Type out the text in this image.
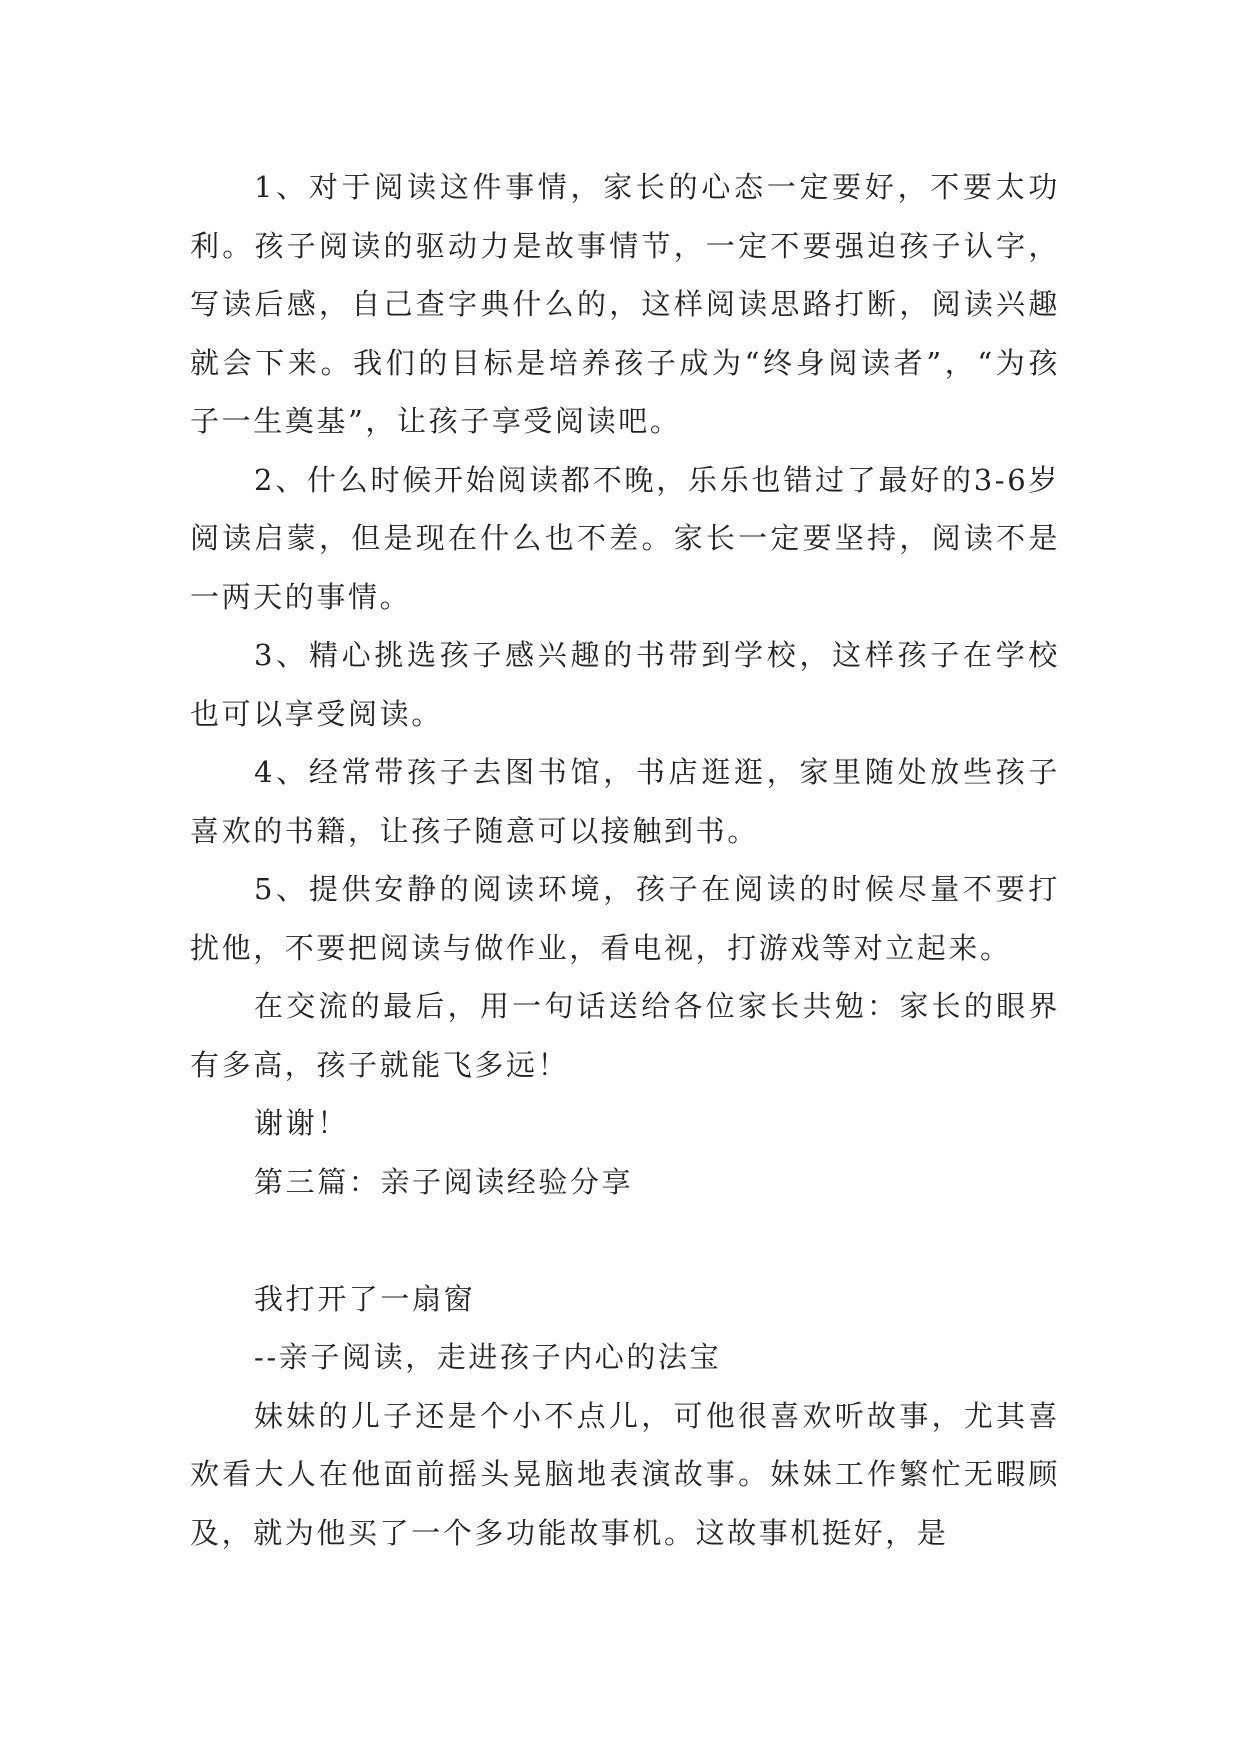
1、对于阅读这件事情，家长的心态一定要好，不要太功利。孩子阅读的驱动力是故事情节，一定不要强迫孩子认字，写读后感，自己查字典什么的，这样阅读思路打断，阅读兴趣就会下来。我们的目标是培养孩子成为“终身阅读者”，“为孩子一生奠基”，让孩子享受阅读吧。

2、什么时候开始阅读都不晚，乐乐也错过了最好的3-6岁阅读启蒙，但是现在什么也不差。家长一定要坚持，阅读不是一两天的事情。

3、精心挑选孩子感兴趣的书带到学校，这样孩子在学校也可以享受阅读。

4、经常带孩子去图书馆，书店逛逛，家里随处放些孩子喜欢的书籍，让孩子随意可以接触到书。

5、提供安静的阅读环境，孩子在阅读的时候尽量不要打扰他，不要把阅读与做作业，看电视，打游戏等对立起来。

在交流的最后，用一句话送给各位家长共勉：家长的眼界有多高，孩子就能飞多远！

谢谢！

第三篇：亲子阅读经验分享

我打开了一扇窗

--亲子阅读，走进孩子内心的法宝

妹妹的儿子还是个小不点儿，可他很喜欢听故事，尤其喜欢看大人在他面前摇头晃脑地表演故事。妹妹工作繁忙无暇顾及，就为他买了一个多功能故事机。这故事机挺好，是
